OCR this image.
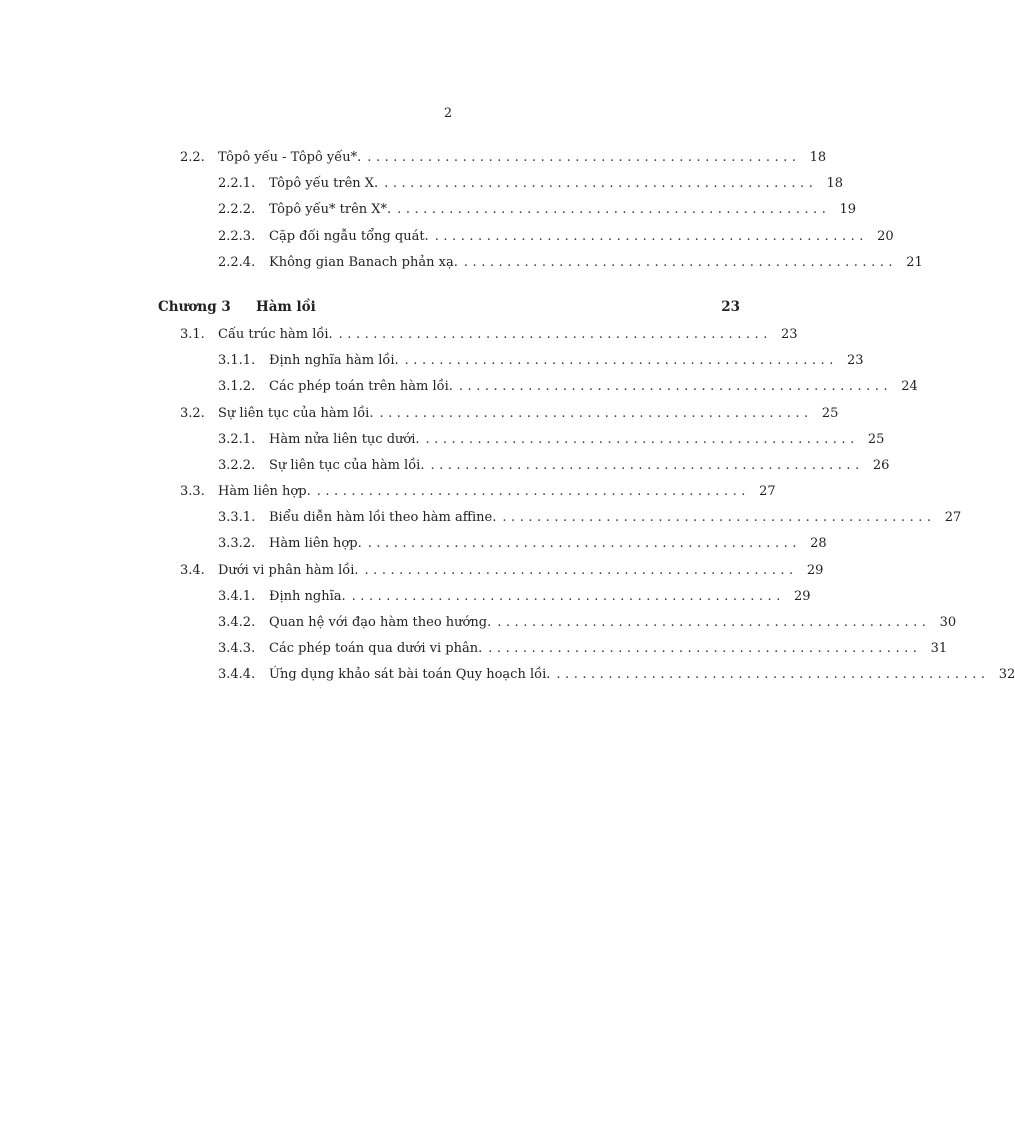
2
2.2.	Tôpô yếu - Tôpô yếu*. . . . . . . . . . . . . . . . . . . . . . . . . . . . . . . . . . . . . . . . . . . . . . . . . . .	18
2.2.1.	Tôpô yếu trên X. . . . . . . . . . . . . . . . . . . . . . . . . . . . . . . . . . . . . . . . . . . . . . . . . . .	18
2.2.2.	Tôpô yếu* trên X*. . . . . . . . . . . . . . . . . . . . . . . . . . . . . . . . . . . . . . . . . . . . . . . . . . .	19
2.2.3.	Cặp đối ngẫu tổng quát. . . . . . . . . . . . . . . . . . . . . . . . . . . . . . . . . . . . . . . . . . . . . . . . . . .	20
2.2.4.	Không gian Banach phản xạ. . . . . . . . . . . . . . . . . . . . . . . . . . . . . . . . . . . . . . . . . . . . . . . . . . .	21
Chương 3	Hàm lồi	23
3.1.	Cấu trúc hàm lồi. . . . . . . . . . . . . . . . . . . . . . . . . . . . . . . . . . . . . . . . . . . . . . . . . . .	23
3.1.1.	Định nghĩa hàm lồi. . . . . . . . . . . . . . . . . . . . . . . . . . . . . . . . . . . . . . . . . . . . . . . . . . .	23
3.1.2.	Các phép toán trên hàm lồi. . . . . . . . . . . . . . . . . . . . . . . . . . . . . . . . . . . . . . . . . . . . . . . . . . .	24
3.2.	Sự liên tục của hàm lồi. . . . . . . . . . . . . . . . . . . . . . . . . . . . . . . . . . . . . . . . . . . . . . . . . . .	25
3.2.1.	Hàm nửa liên tục dưới. . . . . . . . . . . . . . . . . . . . . . . . . . . . . . . . . . . . . . . . . . . . . . . . . . .	25
3.2.2.	Sự liên tục của hàm lồi. . . . . . . . . . . . . . . . . . . . . . . . . . . . . . . . . . . . . . . . . . . . . . . . . . .	26
3.3.	Hàm liên hợp. . . . . . . . . . . . . . . . . . . . . . . . . . . . . . . . . . . . . . . . . . . . . . . . . . .	27
3.3.1.	Biểu diễn hàm lồi theo hàm affine. . . . . . . . . . . . . . . . . . . . . . . . . . . . . . . . . . . . . . . . . . . . . . . . . . .	27
3.3.2.	Hàm liên hợp. . . . . . . . . . . . . . . . . . . . . . . . . . . . . . . . . . . . . . . . . . . . . . . . . . .	28
3.4.	Dưới vi phân hàm lồi. . . . . . . . . . . . . . . . . . . . . . . . . . . . . . . . . . . . . . . . . . . . . . . . . . .	29
3.4.1.	Định nghĩa. . . . . . . . . . . . . . . . . . . . . . . . . . . . . . . . . . . . . . . . . . . . . . . . . . .	29
3.4.2.	Quan hệ với đạo hàm theo hướng. . . . . . . . . . . . . . . . . . . . . . . . . . . . . . . . . . . . . . . . . . . . . . . . . . .	30
3.4.3.	Các phép toán qua dưới vi phân. . . . . . . . . . . . . . . . . . . . . . . . . . . . . . . . . . . . . . . . . . . . . . . . . . .	31
3.4.4.	Ứng dụng khảo sát bài toán Quy hoạch lồi. . . . . . . . . . . . . . . . . . . . . . . . . . . . . . . . . . . . . . . . . . . . . . . . . . .	32
